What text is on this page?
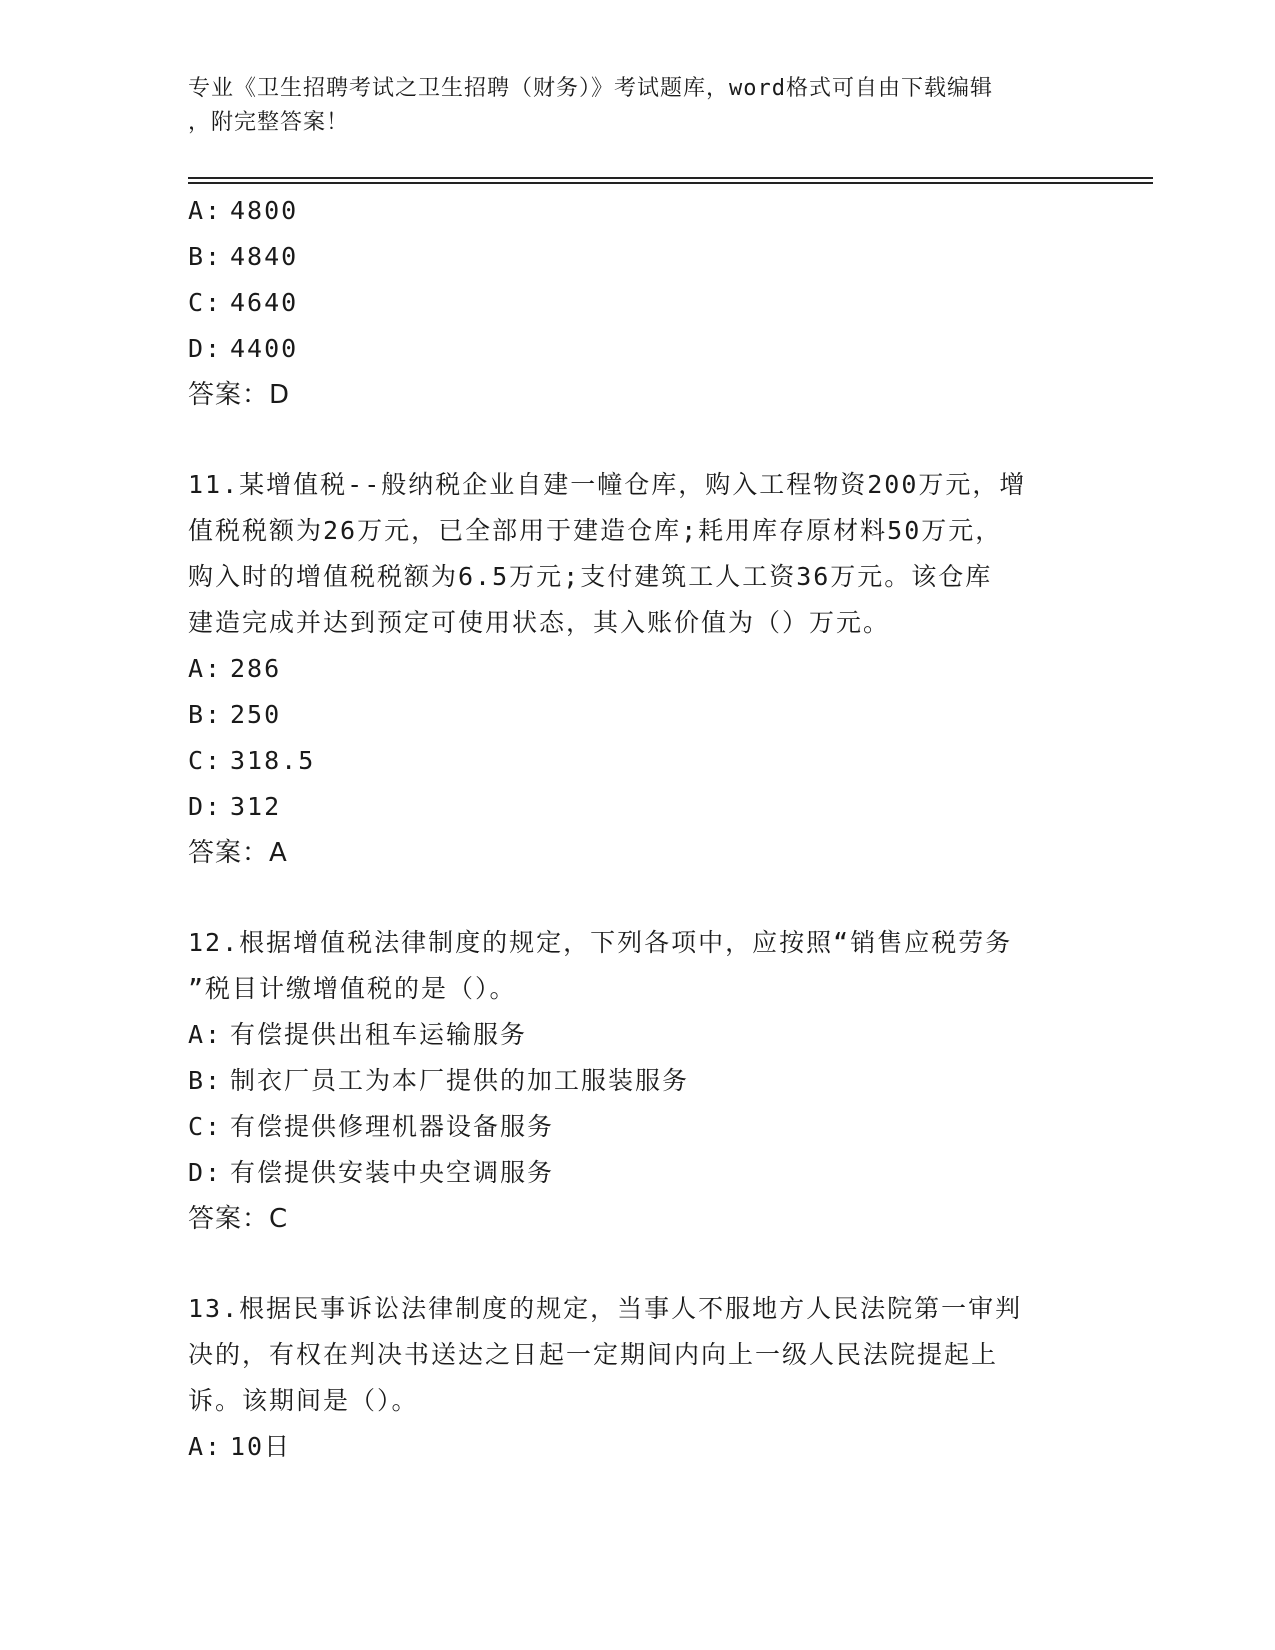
专业《卫生招聘考试之卫生招聘（财务）》考试题库，word格式可自由下载编辑
，附完整答案！
A: 4800
B: 4840
C: 4640
D: 4400
答案：D
11.某增值税--般纳税企业自建一幢仓库，购入工程物资200万元，增
值税税额为26万元，已全部用于建造仓库;耗用库存原材料50万元，
购入时的增值税税额为6.5万元;支付建筑工人工资36万元。该仓库
建造完成并达到预定可使用状态，其入账价值为（）万元。
A: 286
B: 250
C: 318.5
D: 312
答案：A
12.根据增值税法律制度的规定，下列各项中，应按照“销售应税劳务
”税目计缴增值税的是（）。
A: 有偿提供出租车运输服务
B: 制衣厂员工为本厂提供的加工服装服务
C: 有偿提供修理机器设备服务
D: 有偿提供安装中央空调服务
答案：C
13.根据民事诉讼法律制度的规定，当事人不服地方人民法院第一审判
决的，有权在判决书送达之日起一定期间内向上一级人民法院提起上
诉。该期间是（）。
A: 10日
